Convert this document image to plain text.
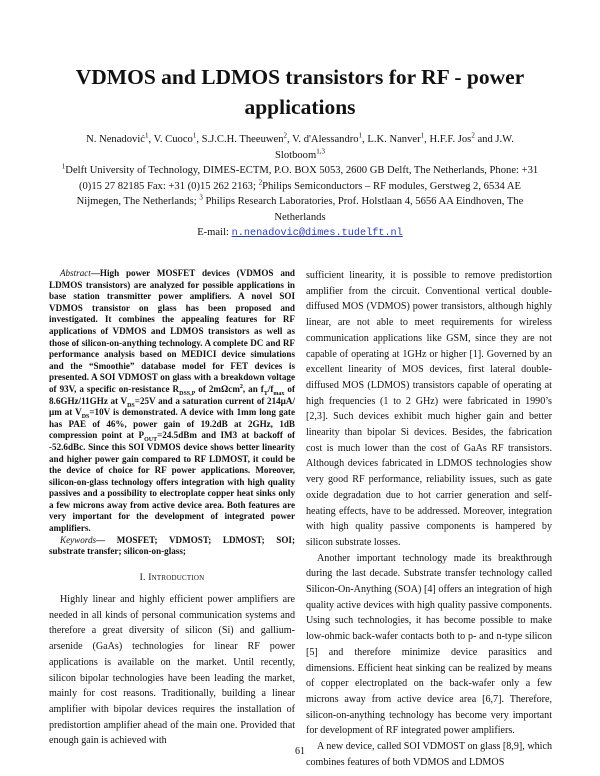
VDMOS and LDMOS transistors for RF - power applications
N. Nenadović$^1$, V. Cuoco$^1$, S.J.C.H. Theeuwen$^2$, V. d'Alessandro$^1$, L.K. Nanver$^1$, H.F.F. Jos$^2$ and J.W. Slotboom$^{1,3}$
$^1$Delft University of Technology, DIMES-ECTM, P.O. BOX 5053, 2600 GB Delft, The Netherlands, Phone: +31 (0)15 27 82185 Fax: +31 (0)15 262 2163; $^2$Philips Semiconductors – RF modules, Gerstweg 2, 6534 AE Nijmegen, The Netherlands; $^3$ Philips Research Laboratories, Prof. Holstlaan 4, 5656 AA Eindhoven, The Netherlands
E-mail: n.nenadovic@dimes.tudelft.nl

Abstract—High power MOSFET devices (VDMOS and LDMOS transistors) are analyzed for possible applications in base station transmitter power amplifiers. A novel SOI VDMOS transistor on glass has been proposed and investigated. It combines the appealing features for RF applications of VDMOS and LDMOS transistors as well as those of silicon-on-anything technology. A complete DC and RF performance analysis based on MEDICI device simulations and the “Smoothie” database model for FET devices is presented. A SOI VDMOST on glass with a breakdown voltage of 93V, a specific on-resistance $R_{DSS,P}$ of 2mΩcm$^2$, an $f_T/f_{max}$ of 8.6GHz/11GHz at $V_{DS}=25V$ and a saturation current of 214µA/µm at $V_{DS}=10V$ is demonstrated. A device with 1mm long gate has PAE of 46%, power gain of 19.2dB at 2GHz, 1dB compression point at $P_{OUT}=24.5dBm$ and IM3 at backoff of -52.6dBc. Since this SOI VDMOS device shows better linearity and higher power gain compared to RF LDMOST, it could be the device of choice for RF power applications. Moreover, silicon-on-glass technology offers integration with high quality passives and a possibility to electroplate copper heat sinks only a few microns away from active device area. Both features are very important for the development of integrated power amplifiers.

Keywords— MOSFET; VDMOST; LDMOST; SOI; substrate transfer; silicon-on-glass;

I. Introduction

Highly linear and highly efficient power amplifiers are needed in all kinds of personal communication systems and therefore a great diversity of silicon (Si) and gallium-arsenide (GaAs) technologies for linear RF power applications is available on the market. Until recently, silicon bipolar technologies have been leading the market, mainly for cost reasons. Traditionally, building a linear amplifier with bipolar devices requires the installation of predistortion amplifier ahead of the main one. Provided that enough gain is achieved with

sufficient linearity, it is possible to remove predistortion amplifier from the circuit. Conventional vertical double-diffused MOS (VDMOS) power transistors, although highly linear, are not able to meet requirements for wireless communication applications like GSM, since they are not capable of operating at 1GHz or higher [1]. Governed by an excellent linearity of MOS devices, first lateral double-diffused MOS (LDMOS) transistors capable of operating at high frequencies (1 to 2 GHz) were fabricated in 1990’s [2,3]. Such devices exhibit much higher gain and better linearity than bipolar Si devices. Besides, the fabrication cost is much lower than the cost of GaAs RF transistors. Although devices fabricated in LDMOS technologies show very good RF performance, reliability issues, such as gate oxide degradation due to hot carrier generation and self-heating effects, have to be addressed. Moreover, integration with high quality passive components is hampered by silicon substrate losses.

Another important technology made its breakthrough during the last decade. Substrate transfer technology called Silicon-On-Anything (SOA) [4] offers an integration of high quality active devices with high quality passive components. Using such technologies, it has become possible to make low-ohmic back-wafer contacts both to p- and n-type silicon [5] and therefore minimize device parasitics and dimensions. Efficient heat sinking can be realized by means of copper electroplated on the back-wafer only a few microns away from active device area [6,7]. Therefore, silicon-on-anything technology has become very important for development of RF integrated power amplifiers.

A new device, called SOI VDMOST on glass [8,9], which combines features of both VDMOS and LDMOS

61
